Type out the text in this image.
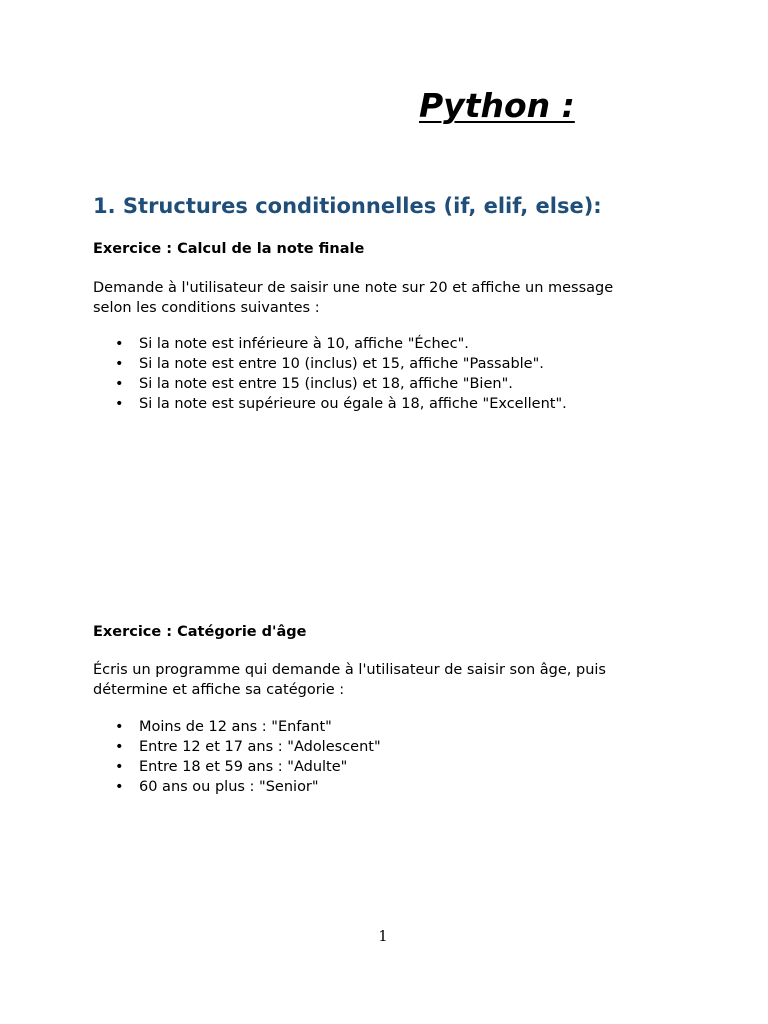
Python :
1. Structures conditionnelles (if, elif, else):

Exercice : Calcul de la note finale

Demande à l'utilisateur de saisir une note sur 20 et affiche un message
selon les conditions suivantes :
• Si la note est inférieure à 10, affiche "Échec".
• Si la note est entre 10 (inclus) et 15, affiche "Passable".
• Si la note est entre 15 (inclus) et 18, affiche "Bien".
• Si la note est supérieure ou égale à 18, affiche "Excellent".

Exercice : Catégorie d'âge

Écris un programme qui demande à l'utilisateur de saisir son âge, puis
détermine et affiche sa catégorie :
• Moins de 12 ans : "Enfant"
• Entre 12 et 17 ans : "Adolescent"
• Entre 18 et 59 ans : "Adulte"
• 60 ans ou plus : "Senior"
1
